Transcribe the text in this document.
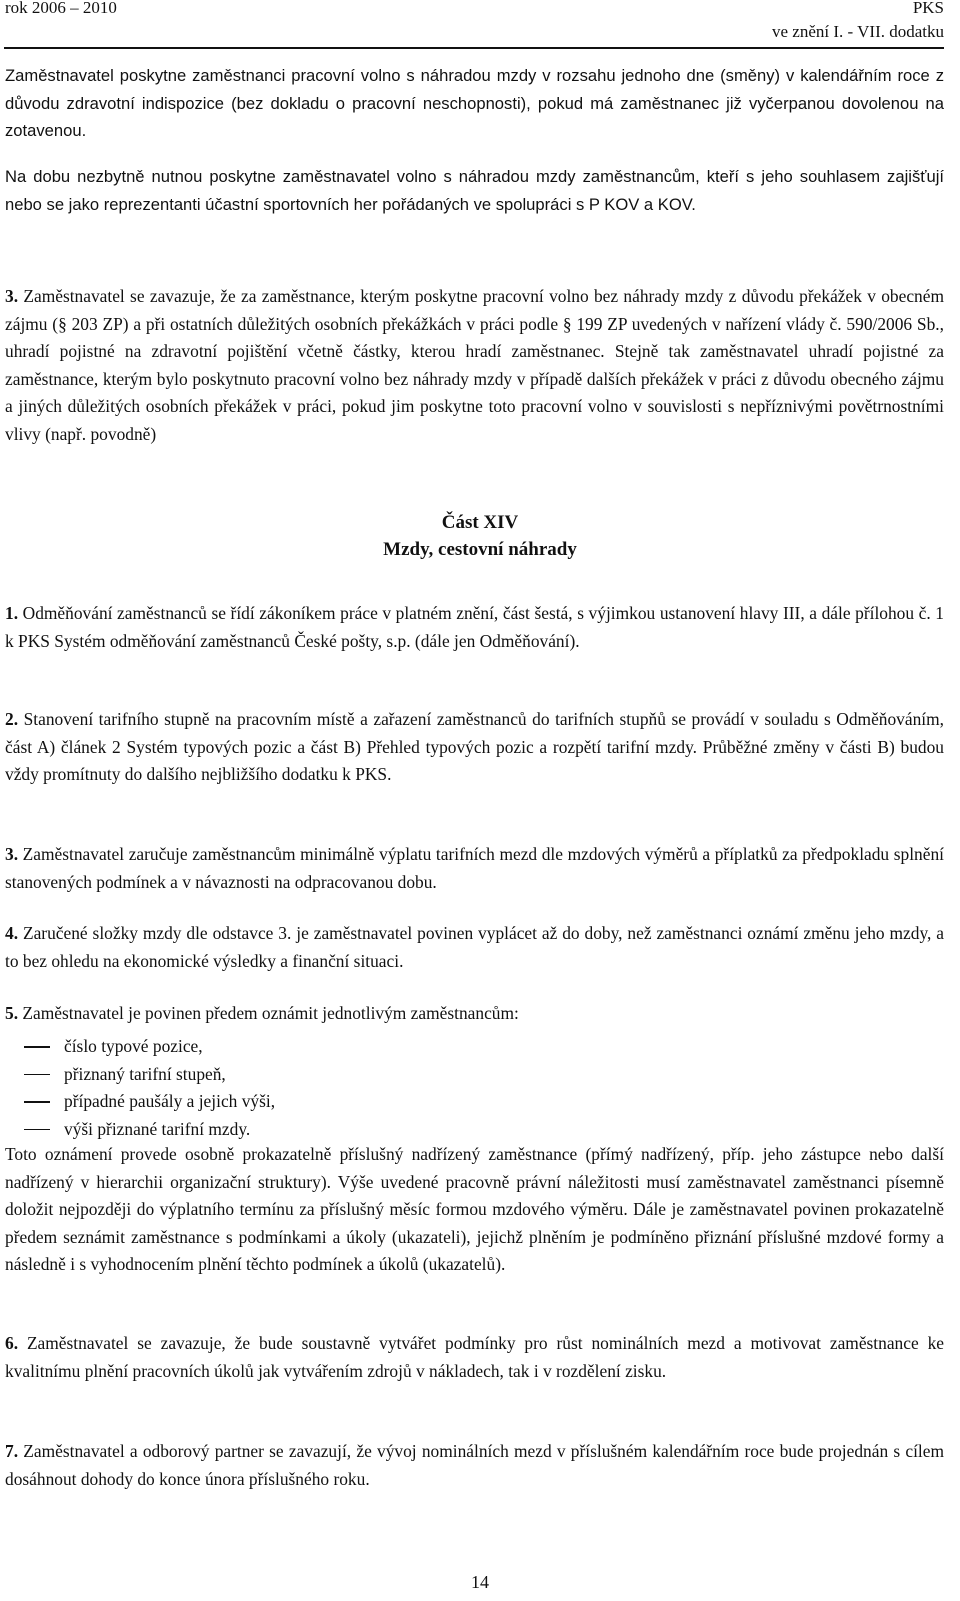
rok 2006 – 2010	PKS
ve znění I. - VII. dodatku
Zaměstnavatel poskytne zaměstnanci pracovní volno s náhradou mzdy v rozsahu jednoho dne (směny) v kalendářním roce z důvodu zdravotní indispozice (bez dokladu o pracovní neschopnosti), pokud má zaměstnanec již vyčerpanou dovolenou na zotavenou.
Na dobu nezbytně nutnou poskytne zaměstnavatel volno s náhradou mzdy zaměstnancům, kteří s jeho souhlasem zajišťují nebo se jako reprezentanti účastní sportovních her pořádaných ve spolupráci s P KOV a KOV.
3. Zaměstnavatel se zavazuje, že za zaměstnance, kterým poskytne pracovní volno bez náhrady mzdy z důvodu překážek v obecném zájmu (§ 203 ZP) a při ostatních důležitých osobních překážkách v práci podle § 199 ZP uvedených v nařízení vlády č. 590/2006 Sb., uhradí pojistné na zdravotní pojištění včetně částky, kterou hradí zaměstnanec. Stejně tak zaměstnavatel uhradí pojistné za zaměstnance, kterým bylo poskytnuto pracovní volno bez náhrady mzdy v případě dalších překážek v práci z důvodu obecného zájmu a jiných důležitých osobních překážek v práci, pokud jim poskytne toto pracovní volno v souvislosti s nepříznivými povětrnostními vlivy (např. povodně)
Část XIV
Mzdy, cestovní náhrady
1. Odměňování zaměstnanců se řídí zákoníkem práce v platném znění, část šestá, s výjimkou ustanovení hlavy III, a dále přílohou č. 1 k PKS Systém odměňování zaměstnanců České pošty, s.p. (dále jen Odměňování).
2. Stanovení tarifního stupně na pracovním místě a zařazení zaměstnanců do tarifních stupňů se provádí v souladu s Odměňováním, část A) článek 2 Systém typových pozic a část B) Přehled typových pozic a rozpětí tarifní mzdy. Průběžné změny v části B) budou vždy promítnuty do dalšího nejbližšího dodatku k PKS.
3. Zaměstnavatel zaručuje zaměstnancům minimálně výplatu tarifních mezd dle mzdových výměrů a příplatků za předpokladu splnění stanovených podmínek a v návaznosti na odpracovanou dobu.
4. Zaručené složky mzdy dle odstavce 3. je zaměstnavatel povinen vyplácet až do doby, než zaměstnanci oznámí změnu jeho mzdy, a to bez ohledu na ekonomické výsledky a finanční situaci.
5. Zaměstnavatel je povinen předem oznámit jednotlivým zaměstnancům:
číslo typové pozice,
přiznaný tarifní stupeň,
případné paušály a jejich výši,
výši přiznané tarifní mzdy.
Toto oznámení provede osobně prokazatelně příslušný nadřízený zaměstnance (přímý nadřízený, příp. jeho zástupce nebo další nadřízený v hierarchii organizační struktury). Výše uvedené pracovně právní náležitosti musí zaměstnavatel zaměstnanci písemně doložit nejpozději do výplatního termínu za příslušný měsíc formou mzdového výměru. Dále je zaměstnavatel povinen prokazatelně předem seznámit zaměstnance s podmínkami a úkoly (ukazateli), jejichž plněním je podmíněno přiznání příslušné mzdové formy a následně i s vyhodnocením plnění těchto podmínek a úkolů (ukazatelů).
6. Zaměstnavatel se zavazuje, že bude soustavně vytvářet podmínky pro růst nominálních mezd a motivovat zaměstnance ke kvalitnímu plnění pracovních úkolů jak vytvářením zdrojů v nákladech, tak i v rozdělení zisku.
7. Zaměstnavatel a odborový partner se zavazují, že vývoj nominálních mezd v příslušném kalendářním roce bude projednán s cílem dosáhnout dohody do konce února příslušného roku.
14
